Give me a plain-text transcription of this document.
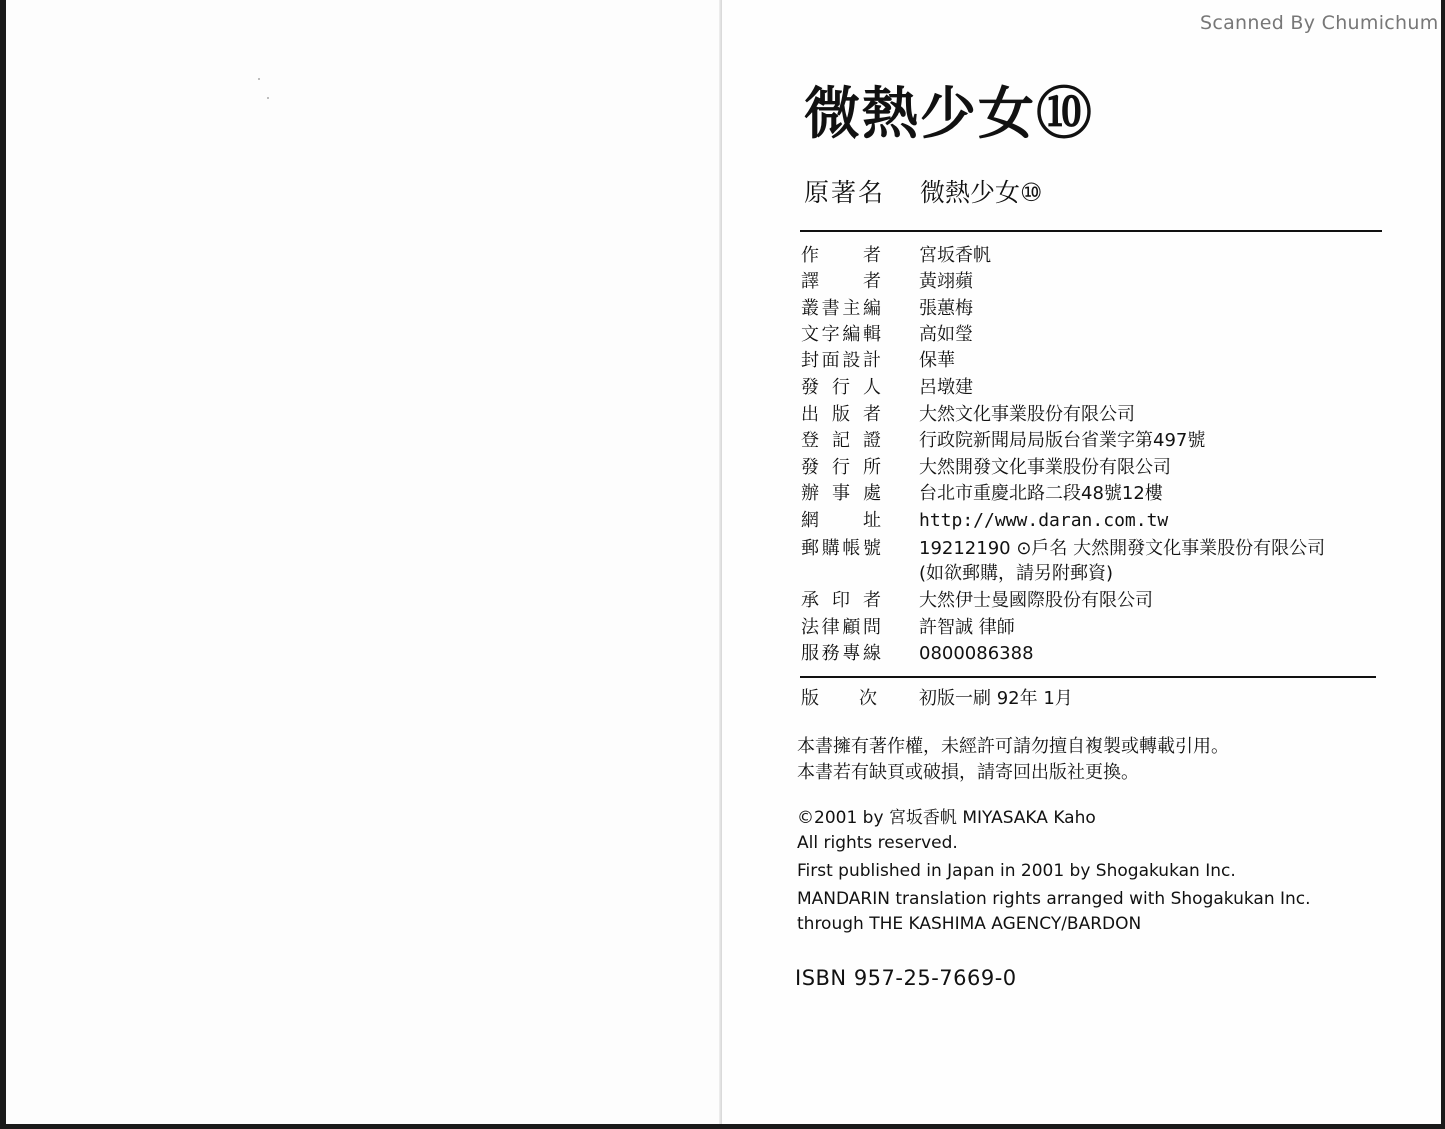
Scanned By Chumichum
微熱少女⑩
原著名 微熱少女⑩
作者 宮坂香帆
譯者 黃翊蘋
叢書主編 張蕙梅
文字編輯 高如瑩
封面設計 保華
發行人 呂墩建
出版者 大然文化事業股份有限公司
登記證 行政院新聞局局版台省業字第497號
發行所 大然開發文化事業股份有限公司
辦事處 台北市重慶北路二段48號12樓
網址 http://www.daran.com.tw
郵購帳號 19212190 ⊙戶名 大然開發文化事業股份有限公司
(如欲郵購，請另附郵資)
承印者 大然伊士曼國際股份有限公司
法律顧問 許智誠 律師
服務專線 0800086388
版次 初版一刷 92年 1月
本書擁有著作權，未經許可請勿擅自複製或轉載引用。
本書若有缺頁或破損，請寄回出版社更換。
©2001 by 宮坂香帆 MIYASAKA Kaho
All rights reserved.
First published in Japan in 2001 by Shogakukan Inc.
MANDARIN translation rights arranged with Shogakukan Inc.
through THE KASHIMA AGENCY/BARDON
ISBN 957-25-7669-0
